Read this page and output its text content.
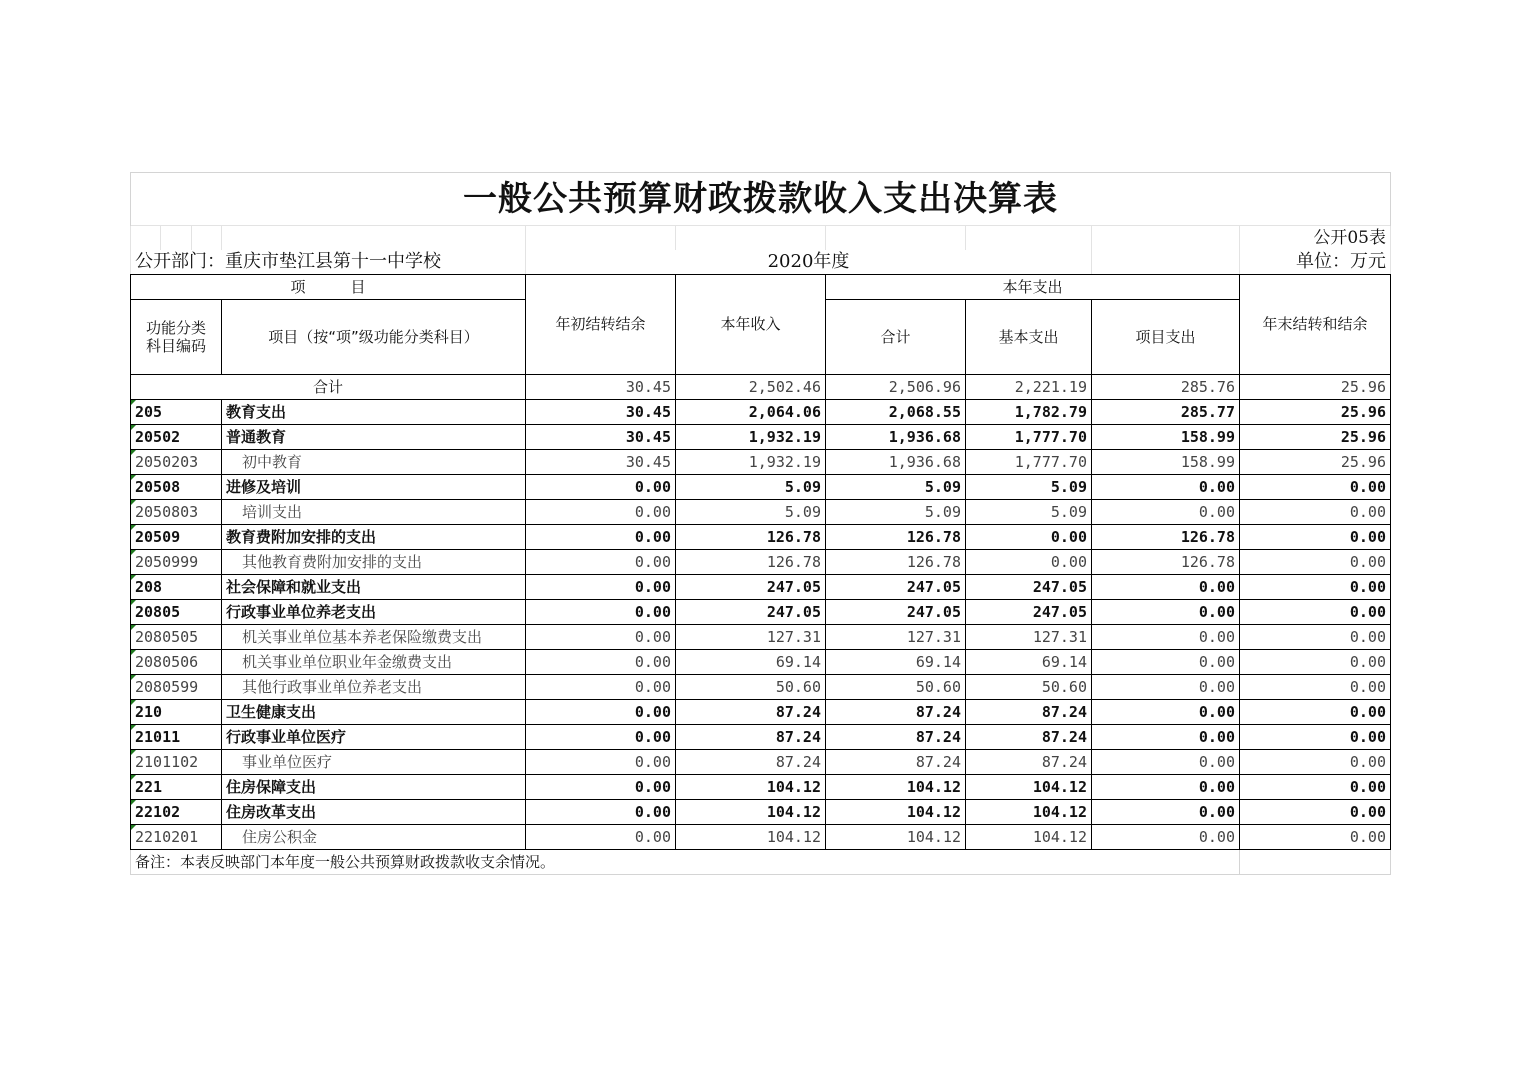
一般公共预算财政拨款收入支出决算表							

							公开05表
公开部门：重庆市垫江县第十一中学校		2020年度					单位：万元
项　　　目		年初结转结余	本年收入	本年支出			年末结转和结余
功能分类
科目编码	项目（按“项”级功能分类科目）			合计	基本支出	项目支出	
合计		30.45	2,502.46	2,506.96	2,221.19	285.76	25.96
205	教育支出	30.45	2,064.06	2,068.55	1,782.79	285.77	25.96
20502	普通教育	30.45	1,932.19	1,936.68	1,777.70	158.99	25.96
2050203	初中教育	30.45	1,932.19	1,936.68	1,777.70	158.99	25.96
20508	进修及培训	0.00	5.09	5.09	5.09	0.00	0.00
2050803	培训支出	0.00	5.09	5.09	5.09	0.00	0.00
20509	教育费附加安排的支出	0.00	126.78	126.78	0.00	126.78	0.00
2050999	其他教育费附加安排的支出	0.00	126.78	126.78	0.00	126.78	0.00
208	社会保障和就业支出	0.00	247.05	247.05	247.05	0.00	0.00
20805	行政事业单位养老支出	0.00	247.05	247.05	247.05	0.00	0.00
2080505	机关事业单位基本养老保险缴费支出	0.00	127.31	127.31	127.31	0.00	0.00
2080506	机关事业单位职业年金缴费支出	0.00	69.14	69.14	69.14	0.00	0.00
2080599	其他行政事业单位养老支出	0.00	50.60	50.60	50.60	0.00	0.00
210	卫生健康支出	0.00	87.24	87.24	87.24	0.00	0.00
21011	行政事业单位医疗	0.00	87.24	87.24	87.24	0.00	0.00
2101102	事业单位医疗	0.00	87.24	87.24	87.24	0.00	0.00
221	住房保障支出	0.00	104.12	104.12	104.12	0.00	0.00
22102	住房改革支出	0.00	104.12	104.12	104.12	0.00	0.00
2210201	住房公积金	0.00	104.12	104.12	104.12	0.00	0.00
备注：本表反映部门本年度一般公共预算财政拨款收支余情况。							
